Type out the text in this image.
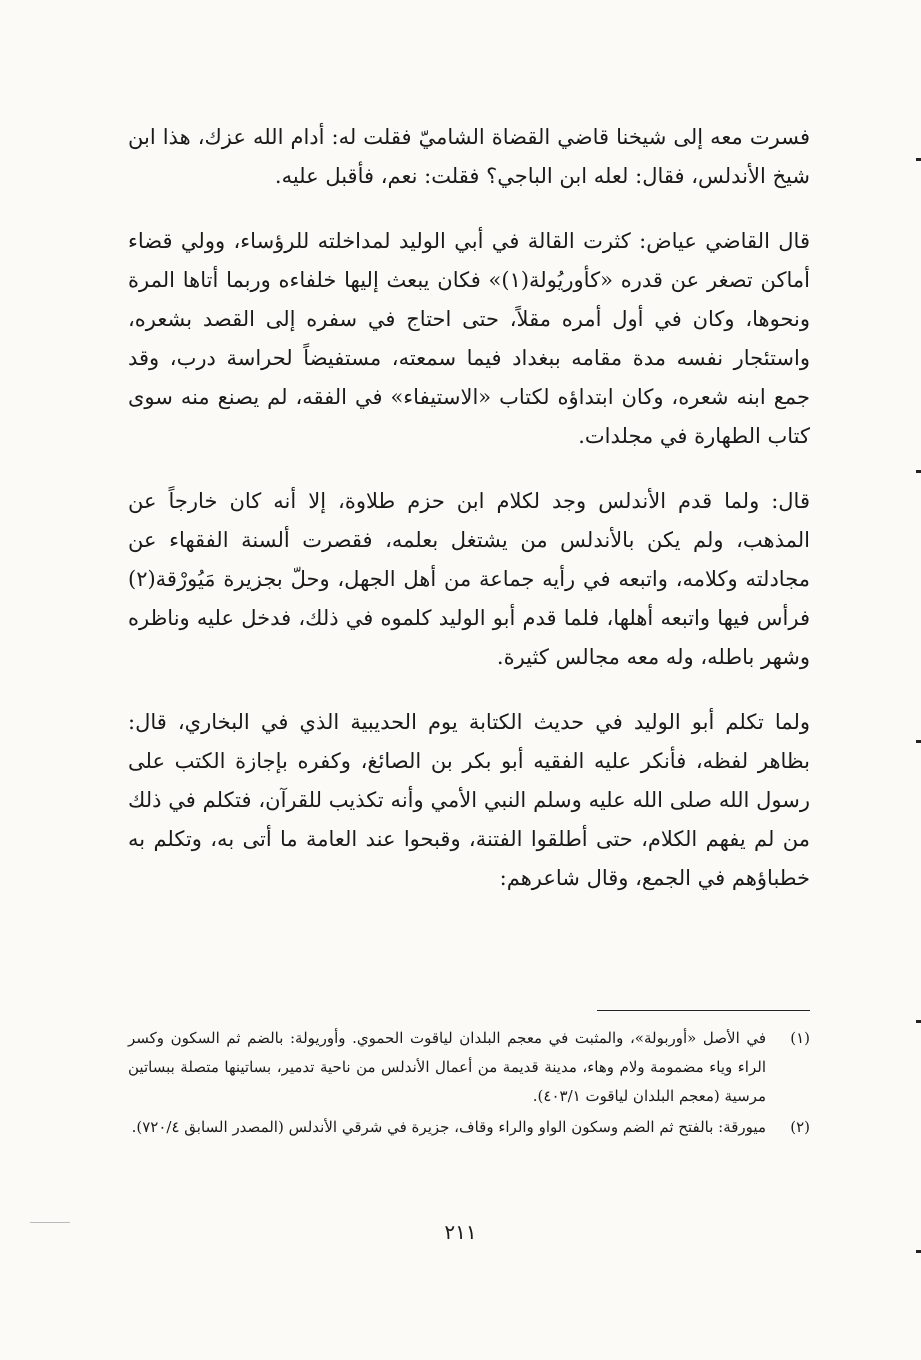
فسرت معه إلى شيخنا قاضي القضاة الشاميّ فقلت له: أدام الله عزك، هذا ابن شيخ الأندلس، فقال: لعله ابن الباجي؟ فقلت: نعم، فأقبل عليه.

قال القاضي عياض: كثرت القالة في أبي الوليد لمداخلته للرؤساء، وولي قضاء أماكن تصغر عن قدره «كأوريُولة(١)» فكان يبعث إليها خلفاءه وربما أتاها المرة ونحوها، وكان في أول أمره مقلاً، حتى احتاج في سفره إلى القصد بشعره، واستئجار نفسه مدة مقامه ببغداد فيما سمعته، مستفيضاً لحراسة درب، وقد جمع ابنه شعره، وكان ابتداؤه لكتاب «الاستيفاء» في الفقه، لم يصنع منه سوى كتاب الطهارة في مجلدات.

قال: ولما قدم الأندلس وجد لكلام ابن حزم طلاوة، إلا أنه كان خارجاً عن المذهب، ولم يكن بالأندلس من يشتغل بعلمه، فقصرت ألسنة الفقهاء عن مجادلته وكلامه، واتبعه في رأيه جماعة من أهل الجهل، وحلّ بجزيرة مَيُورْقة(٢) فرأس فيها واتبعه أهلها، فلما قدم أبو الوليد كلموه في ذلك، فدخل عليه وناظره وشهر باطله، وله معه مجالس كثيرة.

ولما تكلم أبو الوليد في حديث الكتابة يوم الحديبية الذي في البخاري، قال: بظاهر لفظه، فأنكر عليه الفقيه أبو بكر بن الصائغ، وكفره بإجازة الكتب على رسول الله صلى الله عليه وسلم النبي الأمي وأنه تكذيب للقرآن، فتكلم في ذلك من لم يفهم الكلام، حتى أطلقوا الفتنة، وقبحوا عند العامة ما أتى به، وتكلم به خطباؤهم في الجمع، وقال شاعرهم:

(١)
في الأصل «أوربولة»، والمثبت في معجم البلدان لياقوت الحموي. وأوريولة: بالضم ثم السكون وكسر الراء وياء مضمومة ولام وهاء، مدينة قديمة من أعمال الأندلس من ناحية تدمير، بساتينها متصلة ببساتين مرسية (معجم البلدان لياقوت ٤٠٣/١).
(٢)
ميورقة: بالفتح ثم الضم وسكون الواو والراء وقاف، جزيرة في شرقي الأندلس (المصدر السابق ٧٢٠/٤).
٢١١
